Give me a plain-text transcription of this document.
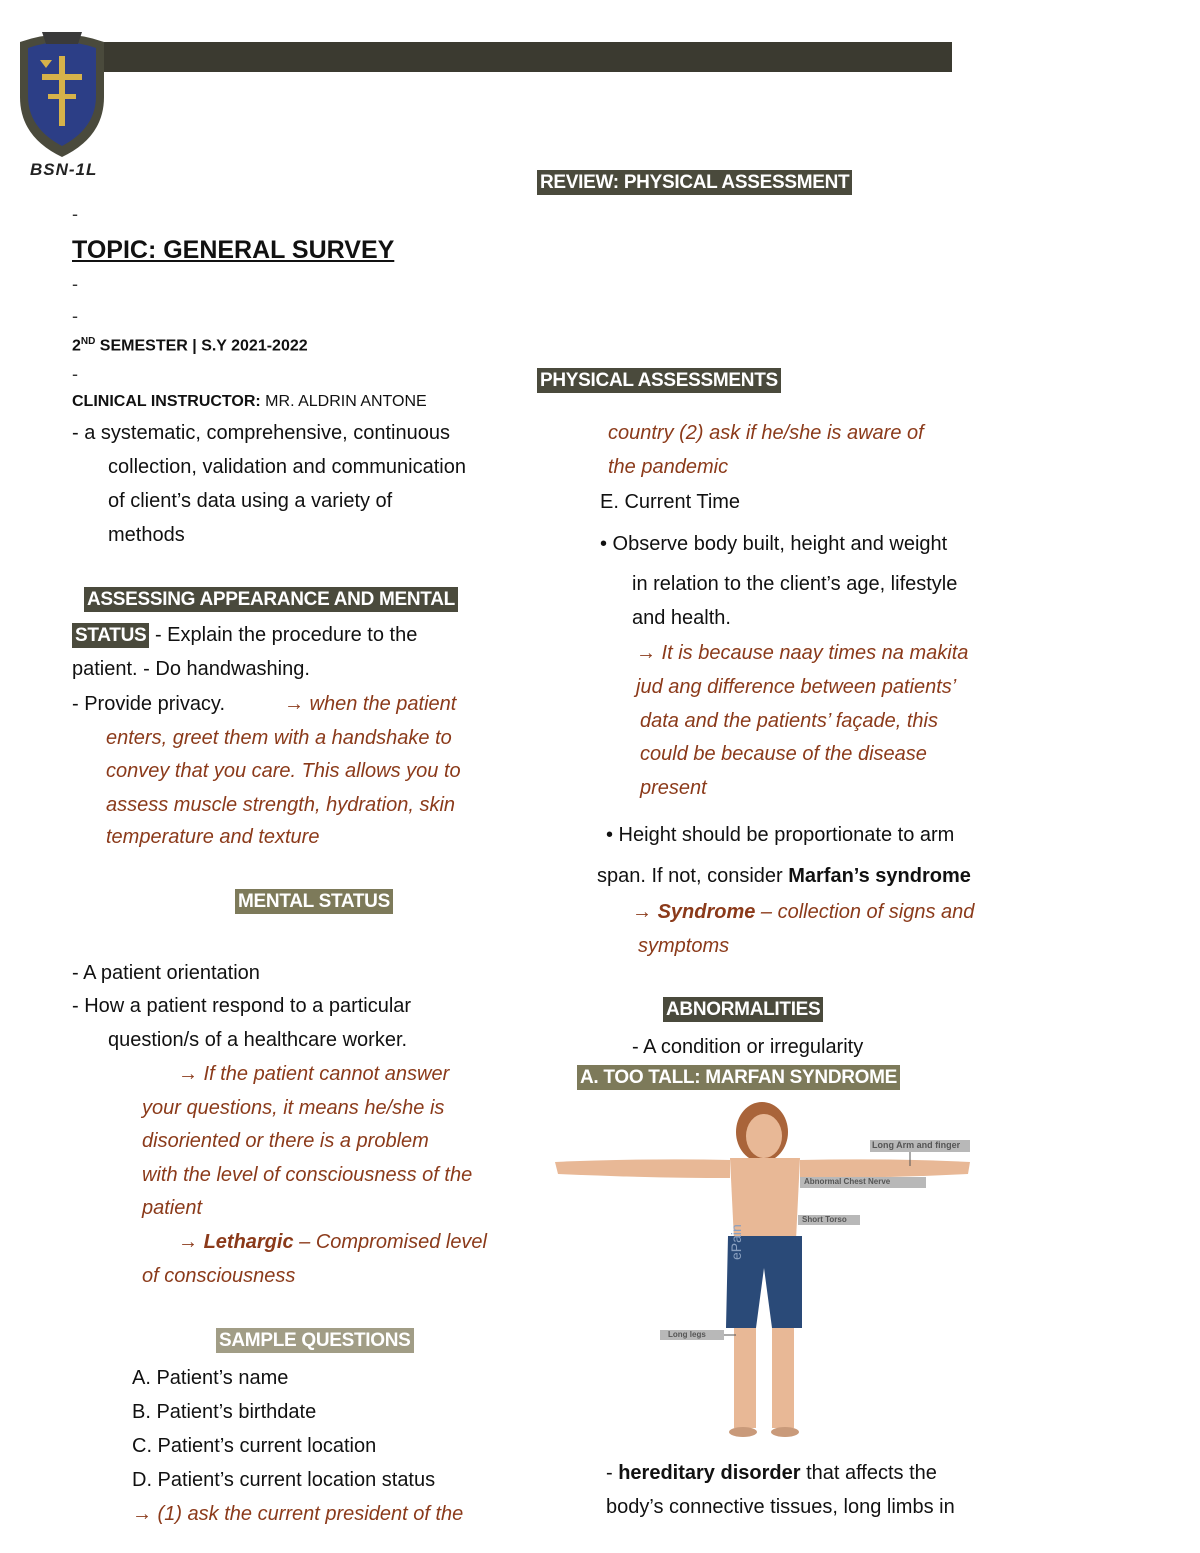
BSN-1L
-
TOPIC: GENERAL SURVEY
-
-
2ND SEMESTER | S.Y 2021-2022
-
CLINICAL INSTRUCTOR: MR. ALDRIN ANTONE
- a systematic, comprehensive, continuous
collection, validation and communication
of client’s data using a variety of
methods
ASSESSING APPEARANCE AND MENTAL
STATUS - Explain the procedure to the
patient. - Do handwashing.
- Provide privacy.	→ when the patient
enters, greet them with a handshake to
convey that you care. This allows you to
assess muscle strength, hydration, skin
temperature and texture
MENTAL STATUS
- A patient orientation
- How a patient respond to a particular
question/s of a healthcare worker.
→ If the patient cannot answer
your questions, it means he/she is
disoriented or there is a problem
with the level of consciousness of the
patient
→ Lethargic – Compromised level
of consciousness
SAMPLE QUESTIONS
A. Patient’s name
B. Patient’s birthdate
C. Patient’s current location
D. Patient’s current location status
→ (1) ask the current president of the
REVIEW: PHYSICAL ASSESSMENT
PHYSICAL ASSESSMENTS
country (2) ask if he/she is aware of
the pandemic
E. Current Time
• Observe body built, height and weight
in relation to the client’s age, lifestyle
and health.
→ It is because naay times na makita
jud ang difference between patients’
data and the patients’ façade, this
could be because of the disease
present
• Height should be proportionate to arm
span. If not, consider Marfan’s syndrome
→ Syndrome – collection of signs and
symptoms
ABNORMALITIES
- A condition or irregularity
A. TOO TALL: MARFAN SYNDROME
Long Arm and finger
Abnormal Chest Nerve
Short Torso
Long legs
ePain
- hereditary disorder that affects the
body’s connective tissues, long limbs in
